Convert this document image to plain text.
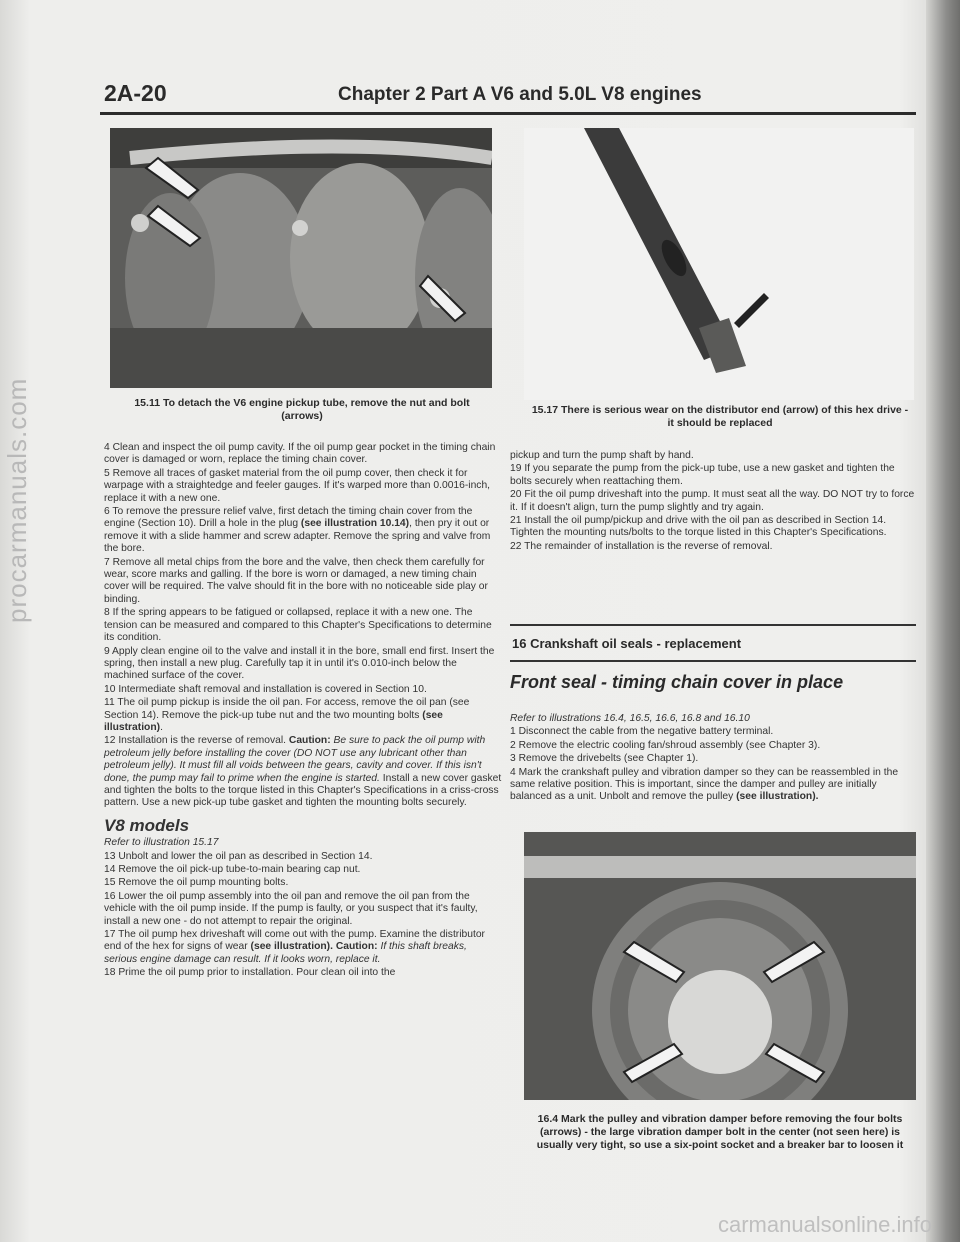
procarmanuals.com
carmanualsonline.info
2A-20	Chapter 2 Part A V6 and 5.0L V8 engines
15.11 To detach the V6 engine pickup tube, remove the nut and bolt (arrows)	15.17 There is serious wear on the distributor end (arrow) of this hex drive - it should be replaced

4 Clean and inspect the oil pump cavity. If the oil pump gear pocket in the timing chain cover is damaged or worn, replace the timing chain cover.

5 Remove all traces of gasket material from the oil pump cover, then check it for warpage with a straightedge and feeler gauges. If it's warped more than 0.0016-inch, replace it with a new one.

6 To remove the pressure relief valve, first detach the timing chain cover from the engine (Section 10). Drill a hole in the plug (see illustration 10.14), then pry it out or remove it with a slide hammer and screw adapter. Remove the spring and valve from the bore.

7 Remove all metal chips from the bore and the valve, then check them carefully for wear, score marks and galling. If the bore is worn or damaged, a new timing chain cover will be required. The valve should fit in the bore with no noticeable side play or binding.

8 If the spring appears to be fatigued or collapsed, replace it with a new one. The tension can be measured and compared to this Chapter's Specifications to determine its condition.

9 Apply clean engine oil to the valve and install it in the bore, small end first. Insert the spring, then install a new plug. Carefully tap it in until it's 0.010-inch below the machined surface of the cover.

10 Intermediate shaft removal and installation is covered in Section 10.

11 The oil pump pickup is inside the oil pan. For access, remove the oil pan (see Section 14). Remove the pick-up tube nut and the two mounting bolts (see illustration).

12 Installation is the reverse of removal. Caution: Be sure to pack the oil pump with petroleum jelly before installing the cover (DO NOT use any lubricant other than petroleum jelly). It must fill all voids between the gears, cavity and cover. If this isn't done, the pump may fail to prime when the engine is started. Install a new cover gasket and tighten the bolts to the torque listed in this Chapter's Specifications in a criss-cross pattern. Use a new pick-up tube gasket and tighten the mounting bolts securely.

V8 models

Refer to illustration 15.17

13 Unbolt and lower the oil pan as described in Section 14.

14 Remove the oil pick-up tube-to-main bearing cap nut.

15 Remove the oil pump mounting bolts.

16 Lower the oil pump assembly into the oil pan and remove the oil pan from the vehicle with the oil pump inside. If the pump is faulty, or you suspect that it's faulty, install a new one - do not attempt to repair the original.

17 The oil pump hex driveshaft will come out with the pump. Examine the distributor end of the hex for signs of wear (see illustration). Caution: If this shaft breaks, serious engine damage can result. If it looks worn, replace it.

18 Prime the oil pump prior to installation. Pour clean oil into the

pickup and turn the pump shaft by hand.

19 If you separate the pump from the pick-up tube, use a new gasket and tighten the bolts securely when reattaching them.

20 Fit the oil pump driveshaft into the pump. It must seat all the way. DO NOT try to force it. If it doesn't align, turn the pump slightly and try again.

21 Install the oil pump/pickup and drive with the oil pan as described in Section 14. Tighten the mounting nuts/bolts to the torque listed in this Chapter's Specifications.

22 The remainder of installation is the reverse of removal.

16 Crankshaft oil seals - replacement
Front seal - timing chain cover in place

Refer to illustrations 16.4, 16.5, 16.6, 16.8 and 16.10

1 Disconnect the cable from the negative battery terminal.

2 Remove the electric cooling fan/shroud assembly (see Chapter 3).

3 Remove the drivebelts (see Chapter 1).

4 Mark the crankshaft pulley and vibration damper so they can be reassembled in the same relative position. This is important, since the damper and pulley are initially balanced as a unit. Unbolt and remove the pulley (see illustration).

16.4 Mark the pulley and vibration damper before removing the four bolts (arrows) - the large vibration damper bolt in the center (not seen here) is usually very tight, so use a six-point socket and a breaker bar to loosen it
